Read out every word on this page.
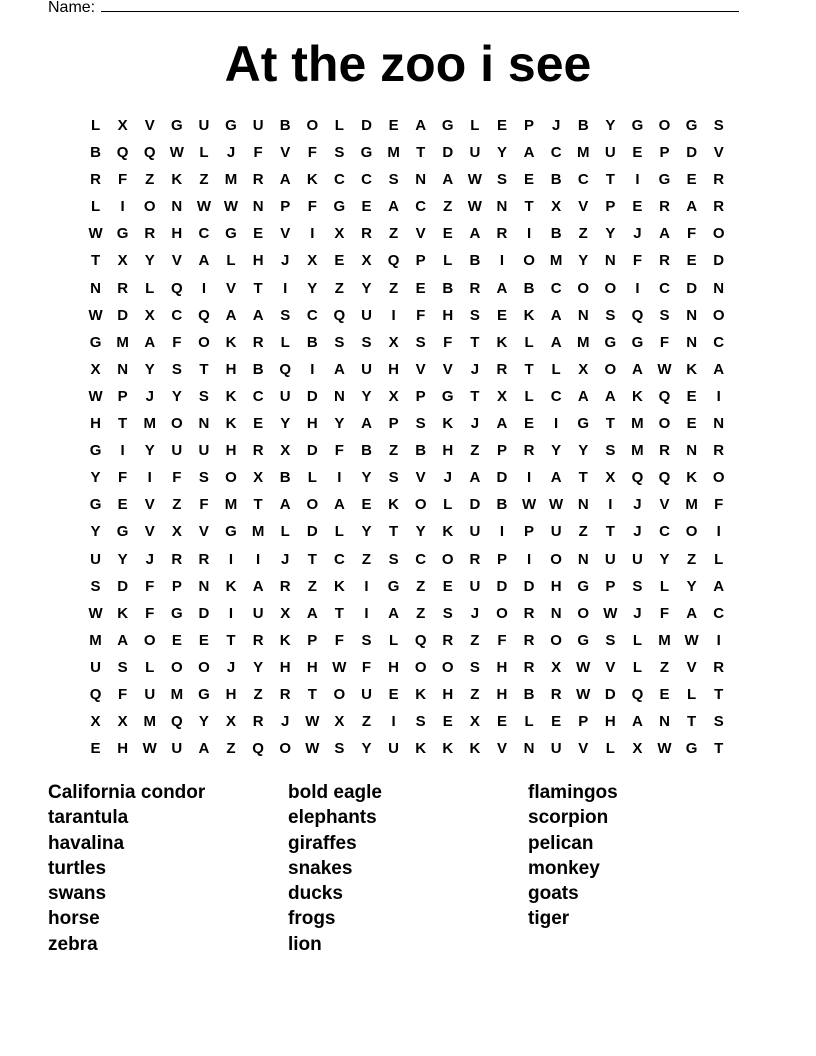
Name:
At the zoo i see
L	X	V	G	U	G	U	B	O	L	D	E	A	G	L	E	P	J	B	Y	G	O	G	S
B	Q	Q W	L	J	F	V	F	S	G	M	T	D	U	Y	A	C	M	U	E	P	D	V
R	F	Z	K	Z	M	R	A	K	C	C	S	N	A W	S	E	B	C	T	I	G	E	R
L	I	O	N W W N	P	F	G	E	A	C	Z	W N	T	X	V	P	E	R	A	R
W G	R	H	C	G	E	V	I	X	R	Z	V	E	A	R	I	B	Z	Y	J	A	F	O
T	X	Y	V	A	L	H	J	X	E	X	Q	P	L	B	I	O	M	Y	N	F	R	E	D
N	R	L	Q	I	V	T	I	Y	Z	Y	Z	E	B	R	A	B	C	O	O	I	C	D	N
W D	X	C	Q	A	A	S	C	Q	U	I	F	H	S	E	K	A	N	S	Q	S	N	O
G	M	A	F	O	K	R	L	B	S	S	X	S	F	T	K	L	A	M	G	G	F	N	C
X	N	Y	S	T	H	B	Q	I	A	U	H	V	V	J	R	T	L	X	O	A W K	A
W	P	J	Y	S	K	C	U	D	N	Y	X	P	G	T	X	L	C	A	A	K	Q	E	I
H	T	M	O	N	K	E	Y	H	Y	A	P	S	K	J	A	E	I	G	T	M	O	E	N
G	I	Y	U	U	H	R	X	D	F	B	Z	B	H	Z	P	R	Y	Y	S	M	R	N	R
Y	F	I	F	S	O	X	B	L	I	Y	S	V	J	A	D	I	A	T	X	Q	Q	K	O
G	E	V	Z	F	M	T	A	O	A	E	K	O	L	D	B W W N	I	J	V	M	F
Y	G	V	X	V	G	M	L	D	L	Y	T	Y	K	U	I	P	U	Z	T	J	C	O	I
U	Y	J	R	R	I	I	J	T	C	Z	S	C	O	R	P	I	O	N	U	U	Y	Z	L
S	D	F	P	N	K	A	R	Z	K	I	G	Z	E	U	D	D	H	G	P	S	L	Y	A
W K	F	G	D	I	U	X	A	T	I	A	Z	S	J	O	R	N	O W	J	F	A	C
M	A	O	E	E	T	R	K	P	F	S	L	Q	R	Z	F	R	O	G	S	L	M W	I
U	S	L	O	O	J	Y	H	H W	F	H	O	O	S	H	R	X	W	V	L	Z	V	R
Q	F	U	M	G	H	Z	R	T	O	U	E	K	H	Z	H	B	R W D	Q	E	L	T
X	X	M	Q	Y	X	R	J	W	X	Z	I	S	E	X	E	L	E	P	H	A	N	T	S
E	H W U	A	Z	Q	O W	S	Y	U	K	K	K	V	N	U	V	L	X	W G	T
California condor
tarantula
havalina
turtles
swans
horse
zebra
bold eagle
elephants
giraffes
snakes
ducks
frogs
lion
flamingos
scorpion
pelican
monkey
goats
tiger
